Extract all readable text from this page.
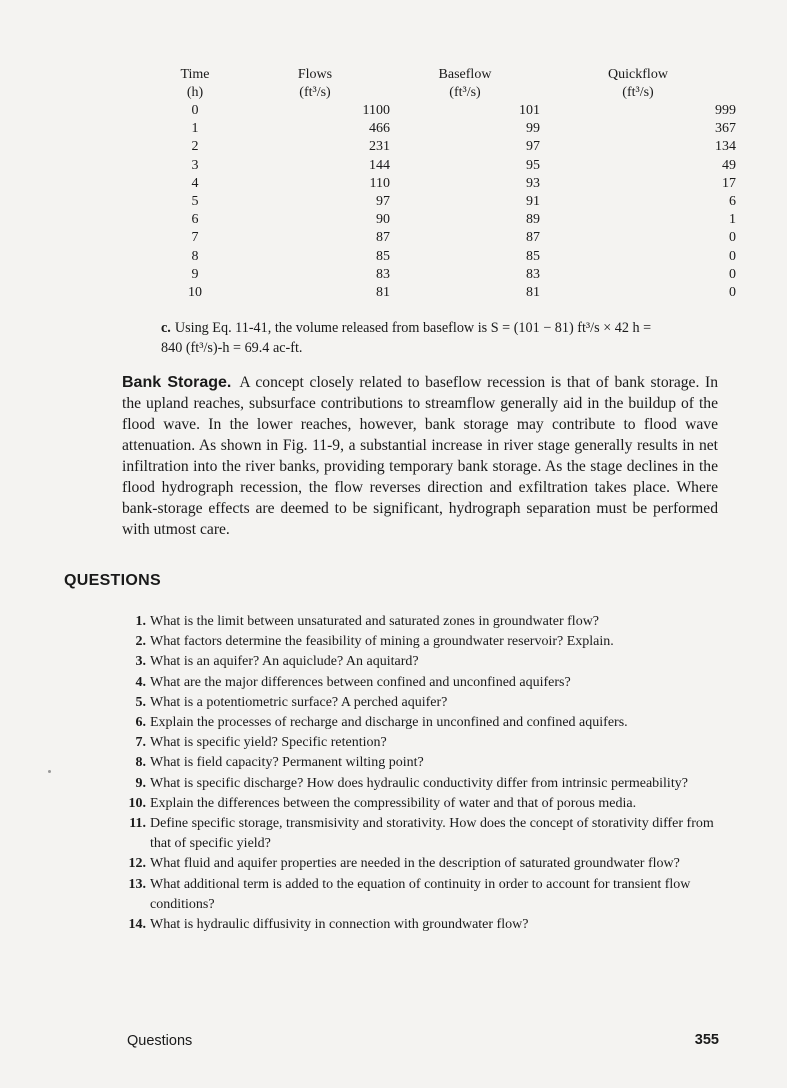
Time	Flows	Baseflow	Quickflow
(h)	(ft³/s)	(ft³/s)	(ft³/s)
0	1100	101	999
1	466	99	367
2	231	97	134
3	144	95	49
4	110	93	17
5	97	91	6
6	90	89	1
7	87	87	0
8	85	85	0
9	83	83	0
10	81	81	0
c. Using Eq. 11-41, the volume released from baseflow is S = (101 − 81) ft³/s × 42 h =
840 (ft³/s)-h = 69.4 ac-ft.
Bank Storage. A concept closely related to baseflow recession is that of bank storage. In the upland reaches, subsurface contributions to streamflow generally aid in the buildup of the flood wave. In the lower reaches, however, bank storage may contribute to flood wave attenuation. As shown in Fig. 11-9, a substantial increase in river stage generally results in net infiltration into the river banks, providing temporary bank storage. As the stage declines in the flood hydrograph recession, the flow reverses direction and exfiltration takes place. Where bank-storage effects are deemed to be significant, hydrograph separation must be performed with utmost care.
QUESTIONS
1. What is the limit between unsaturated and saturated zones in groundwater flow?
2. What factors determine the feasibility of mining a groundwater reservoir? Explain.
3. What is an aquifer? An aquiclude? An aquitard?
4. What are the major differences between confined and unconfined aquifers?
5. What is a potentiometric surface? A perched aquifer?
6. Explain the processes of recharge and discharge in unconfined and confined aquifers.
7. What is specific yield? Specific retention?
8. What is field capacity? Permanent wilting point?
9. What is specific discharge? How does hydraulic conductivity differ from intrinsic permeability?
10. Explain the differences between the compressibility of water and that of porous media.
11. Define specific storage, transmisivity and storativity. How does the concept of storativity differ from that of specific yield?
12. What fluid and aquifer properties are needed in the description of saturated groundwater flow?
13. What additional term is added to the equation of continuity in order to account for transient flow conditions?
14. What is hydraulic diffusivity in connection with groundwater flow?
Questions	355
